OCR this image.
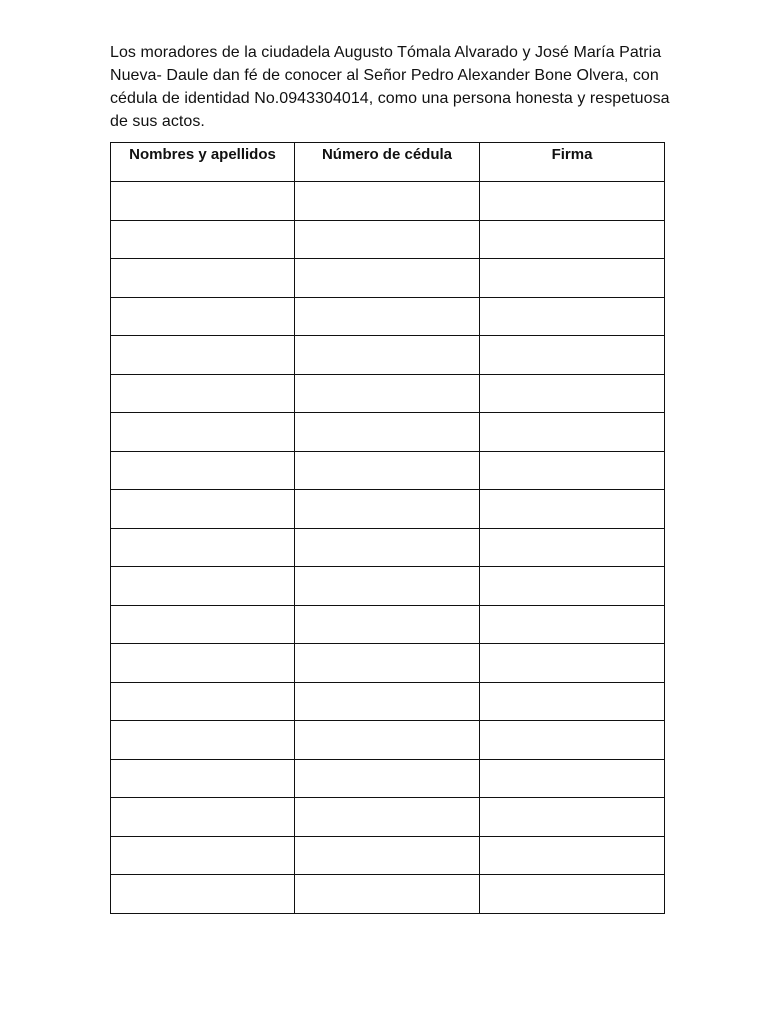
Los moradores de la ciudadela Augusto Tómala Alvarado y José María Patria Nueva- Daule dan fé de conocer al Señor Pedro Alexander Bone Olvera, con cédula de identidad No.0943304014, como una persona honesta y respetuosa de sus actos.

Nombres y apellidos	Número de cédula	Firma
